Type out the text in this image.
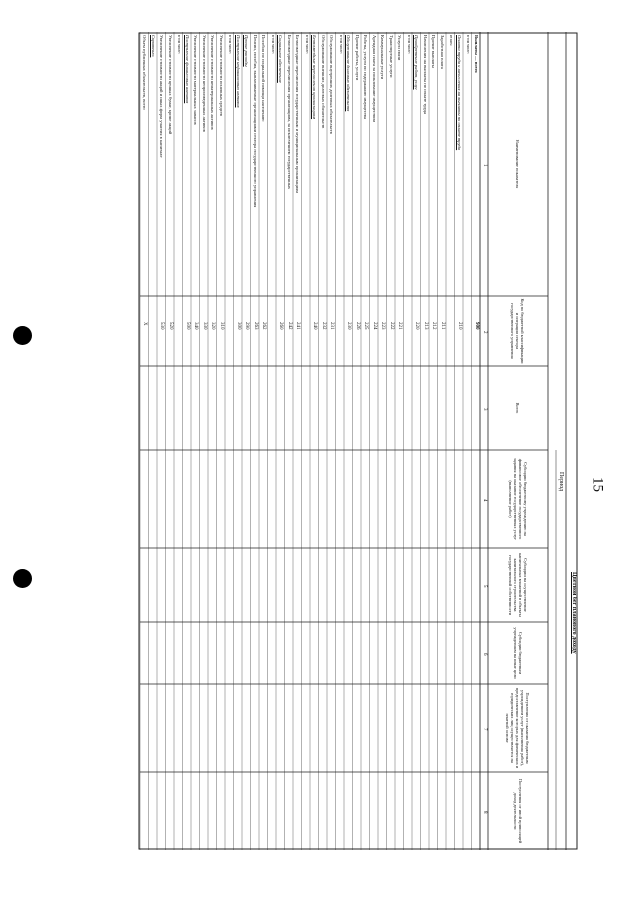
15
Цветной бег планового доходу
Период
Наименование показателя
Код по бюджетной классификации и операции сектора государственного управления
Всего
Субсидии бюджетному учреждению на финансовое обеспечение государственного задания на оказание государственных услуг (выполнение работ)
Субсидии на осуществление капитальных вложений в объекты капитального строительства государственной собственности
Субсидии бюджетным учреждениям на иные цели
Поступления от оказания бюджетным учреждением услуг (выполнения работ), предоставление которых для физических и юридических лиц осуществляется на платной основе
Поступления от иной приносящей доход деятельности
1
2
3
4
5
6
7
8
Выплаты — всего
900
в том числе:
Оплата труда и начисления на выплаты по оплате труда
210
из них:
Заработная плата
211
Прочие выплаты
212
Начисления на выплаты по оплате труда
213
Приобретение работ, услуг
220
в том числе:
Услуги связи
221
Транспортные услуги
222
Коммунальные услуги
223
Арендная плата за пользование имуществом
224
Работы, услуги по содержанию имущества
225
Прочие работы, услуги
226
Обслуживание долговых обязательств
230
в том числе:
Обслуживание внутренних долговых обязательств
231
Обслуживание внешних долговых обязательств
232
Безвозмездные перечисления организациям
240
в том числе:
Безвозмездные перечисления государственным и муниципальным организациям
241
Безвозмездные перечисления организациям, за исключением государственных
242
Социальное обеспечение
260
в том числе:
Пособия по социальной помощи населению
262
Пенсии, пособия, выплачиваемые организациями сектора государственного управления
263
Прочие расходы
290
Поступление нефинансовых активов
300
в том числе:
Увеличение стоимости основных средств
310
Увеличение стоимости нематериальных активов
320
Увеличение стоимости непроизведенных активов
330
Увеличение стоимости материальных запасов
340
Поступление финансовых активов
500
в том числе:
Увеличение стоимости ценных бумаг, кроме акций
520
Увеличение стоимости акций и иных форм участия в капитале
530
Справочно:
Объем публичных обязательств, всего
X
